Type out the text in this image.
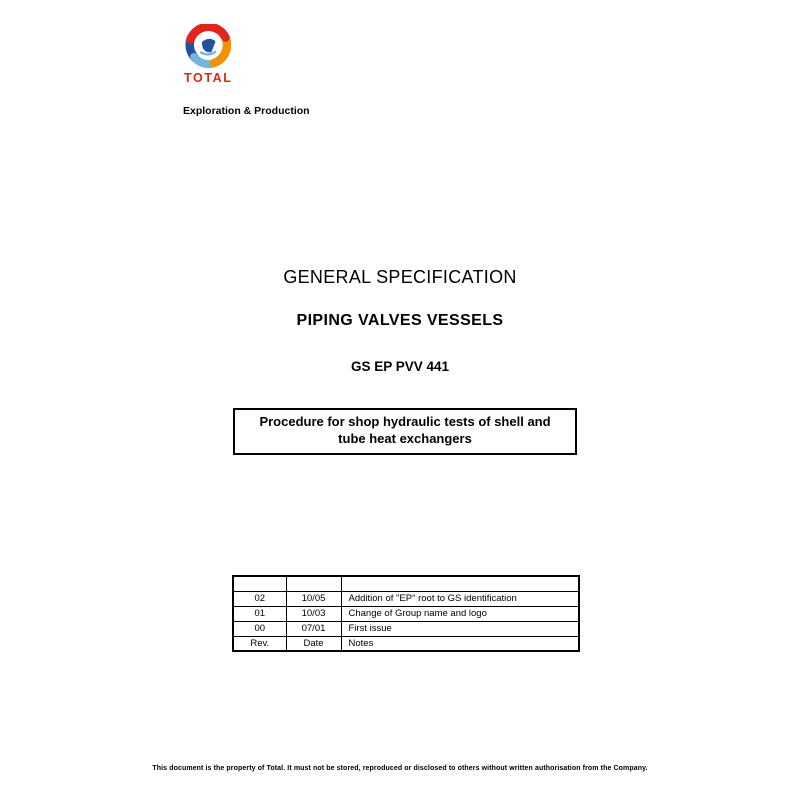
TOTAL
Exploration & Production
GENERAL SPECIFICATION
PIPING VALVES VESSELS
GS EP PVV 441
Procedure for shop hydraulic tests of shell and tube heat exchangers

02	10/05	Addition of "EP" root to GS identification
01	10/03	Change of Group name and logo
00	07/01	First issue
Rev.	Date	Notes
This document is the property of Total. It must not be stored, reproduced or disclosed to others without written authorisation from the Company.
